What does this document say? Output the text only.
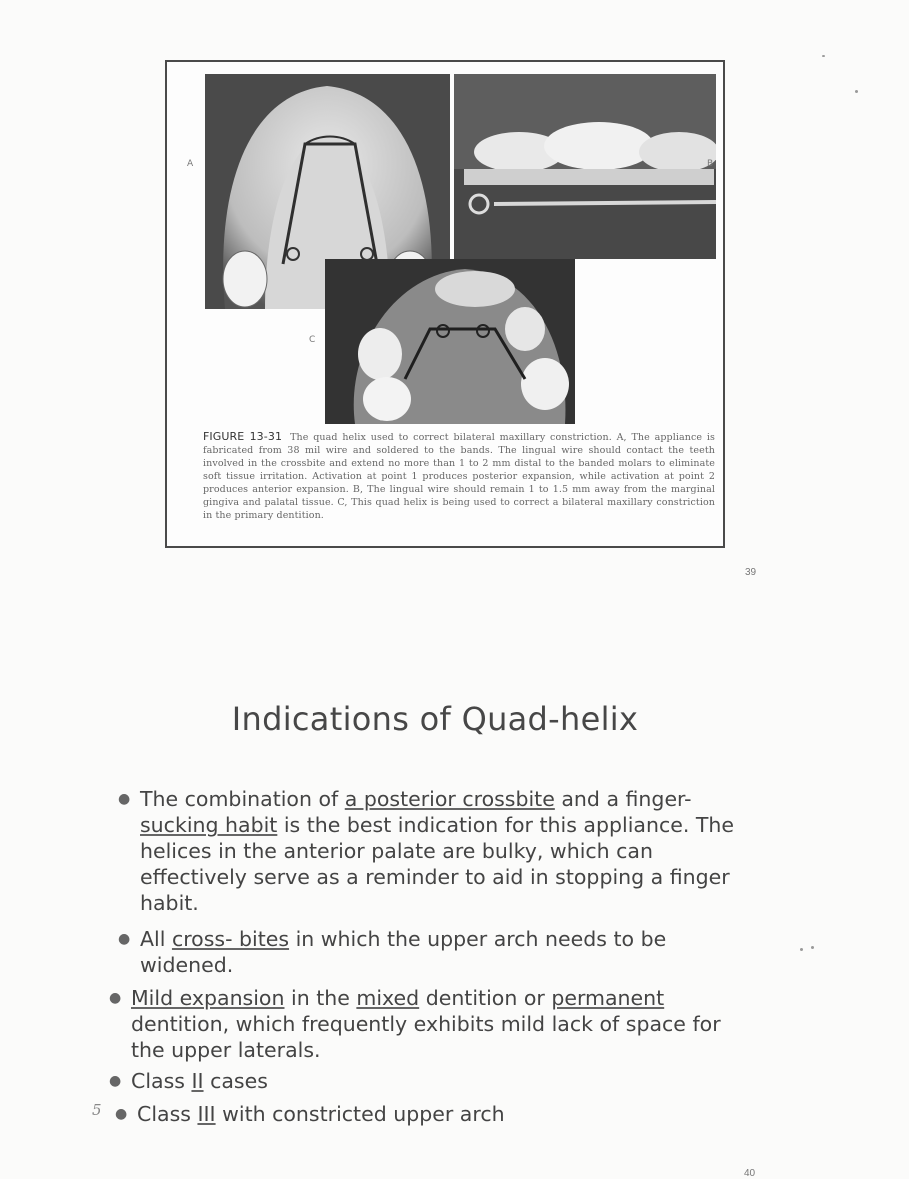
A	B
C
FIGURE 13-31 The quad helix used to correct bilateral maxillary constriction. A, The appliance is fabricated from 38 mil wire and soldered to the bands. The lingual wire should contact the teeth involved in the crossbite and extend no more than 1 to 2 mm distal to the banded molars to eliminate soft tissue irritation. Activation at point 1 produces posterior expansion, while activation at point 2 produces anterior expansion. B, The lingual wire should remain 1 to 1.5 mm away from the marginal gingiva and palatal tissue. C, This quad helix is being used to correct a bilateral maxillary constriction in the primary dentition.
39
Indications of Quad-helix
● The combination of a posterior crossbite and a finger-sucking habit is the best indication for this appliance. The helices in the anterior palate are bulky, which can effectively serve as a reminder to aid in stopping a finger habit.
● All cross- bites in which the upper arch needs to be widened.
● Mild expansion in the mixed dentition or permanent dentition, which frequently exhibits mild lack of space for the upper laterals.
● Class II cases
● Class III with constricted upper arch
5
40
